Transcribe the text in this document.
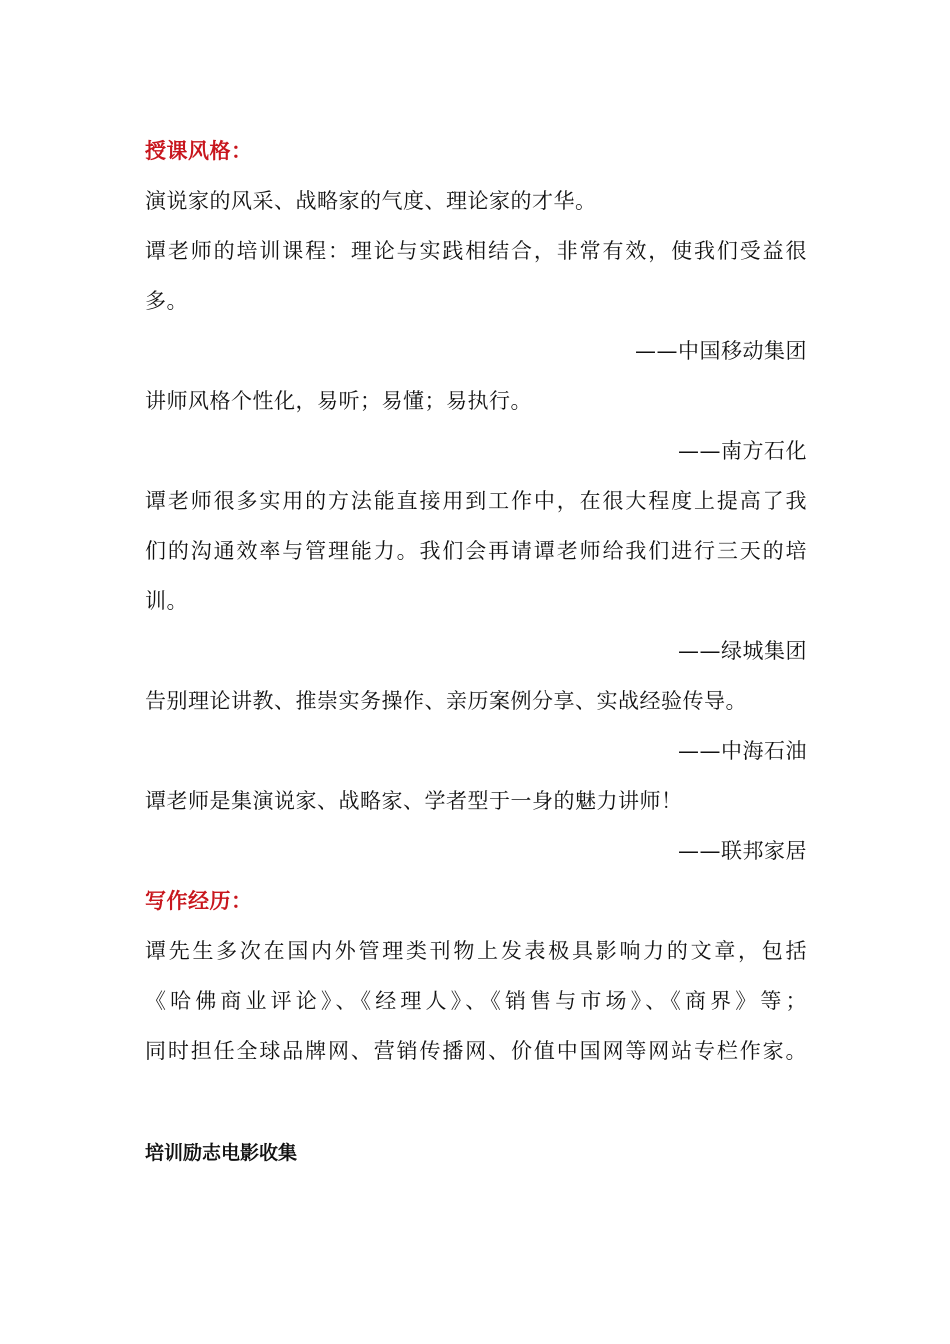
授课风格：
演说家的风采、战略家的气度、理论家的才华。
谭老师的培训课程：理论与实践相结合，非常有效，使我们受益很
多。
——中国移动集团
讲师风格个性化，易听；易懂；易执行。
——南方石化
谭老师很多实用的方法能直接用到工作中，在很大程度上提高了我
们的沟通效率与管理能力。我们会再请谭老师给我们进行三天的培
训。
——绿城集团
告别理论讲教、推崇实务操作、亲历案例分享、实战经验传导。
——中海石油
谭老师是集演说家、战略家、学者型于一身的魅力讲师！
——联邦家居
写作经历：
谭先生多次在国内外管理类刊物上发表极具影响力的文章，包括
《哈佛商业评论》、《经理人》、《销售与市场》、《商界》等；
同时担任全球品牌网、营销传播网、价值中国网等网站专栏作家。
培训励志电影收集
